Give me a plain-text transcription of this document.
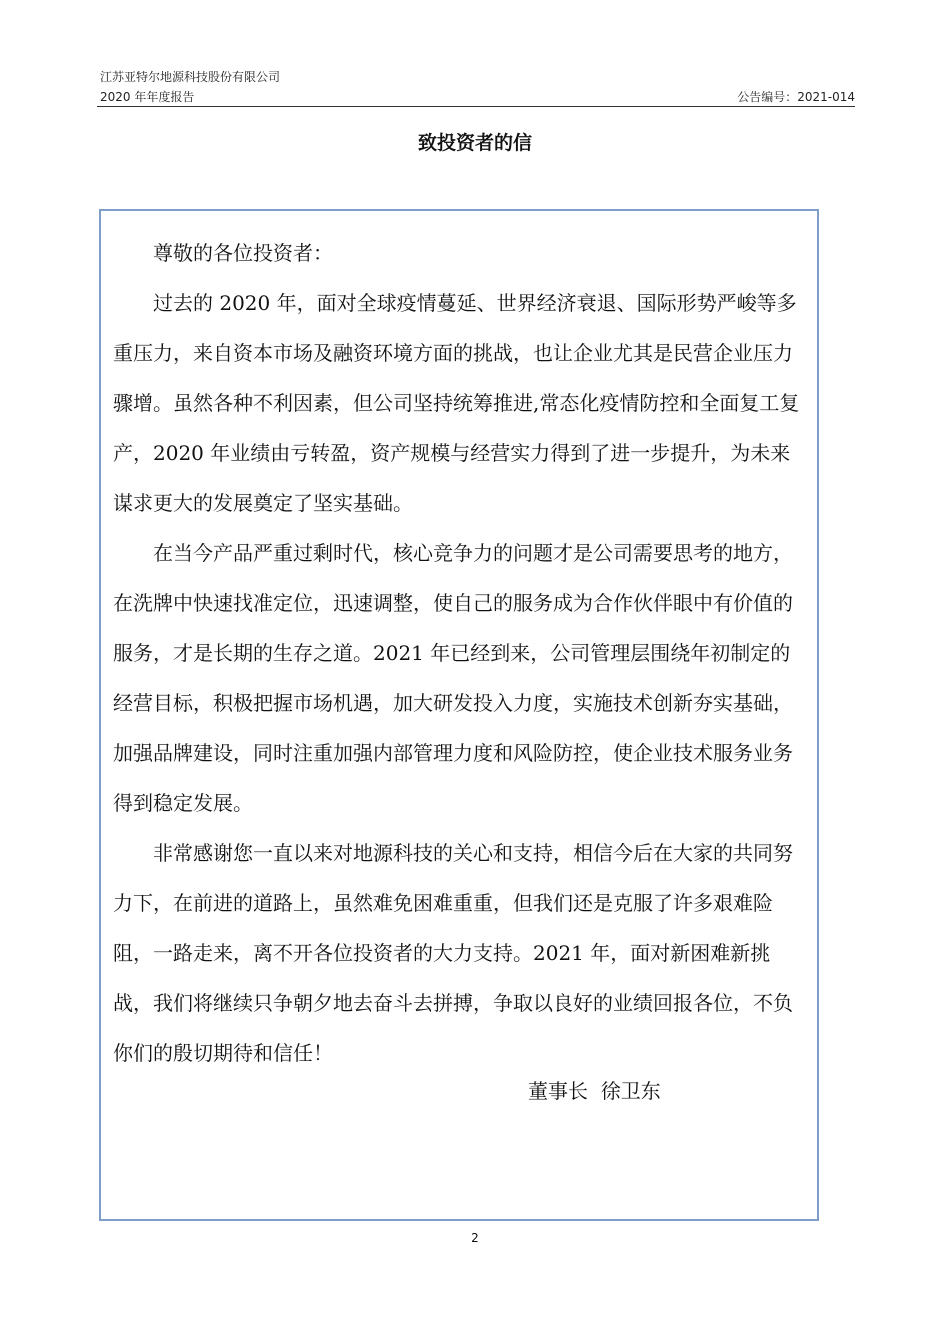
江苏亚特尔地源科技股份有限公司
2020 年年度报告	公告编号：2021-014
致投资者的信

尊敬的各位投资者：

过去的 2020 年，面对全球疫情蔓延、世界经济衰退、国际形势严峻等多重压力，来自资本市场及融资环境方面的挑战，也让企业尤其是民营企业压力骤增。虽然各种不利因素，但公司坚持统筹推进,常态化疫情防控和全面复工复产，2020 年业绩由亏转盈，资产规模与经营实力得到了进一步提升，为未来谋求更大的发展奠定了坚实基础。

在当今产品严重过剩时代，核心竞争力的问题才是公司需要思考的地方，在洗牌中快速找准定位，迅速调整，使自己的服务成为合作伙伴眼中有价值的服务，才是长期的生存之道。2021 年已经到来，公司管理层围绕年初制定的经营目标，积极把握市场机遇，加大研发投入力度，实施技术创新夯实基础，加强品牌建设，同时注重加强内部管理力度和风险防控，使企业技术服务业务得到稳定发展。

非常感谢您一直以来对地源科技的关心和支持，相信今后在大家的共同努力下，在前进的道路上，虽然难免困难重重，但我们还是克服了许多艰难险阻，一路走来，离不开各位投资者的大力支持。2021 年，面对新困难新挑战，我们将继续只争朝夕地去奋斗去拼搏，争取以良好的业绩回报各位，不负你们的殷切期待和信任！

董事长  徐卫东
2
